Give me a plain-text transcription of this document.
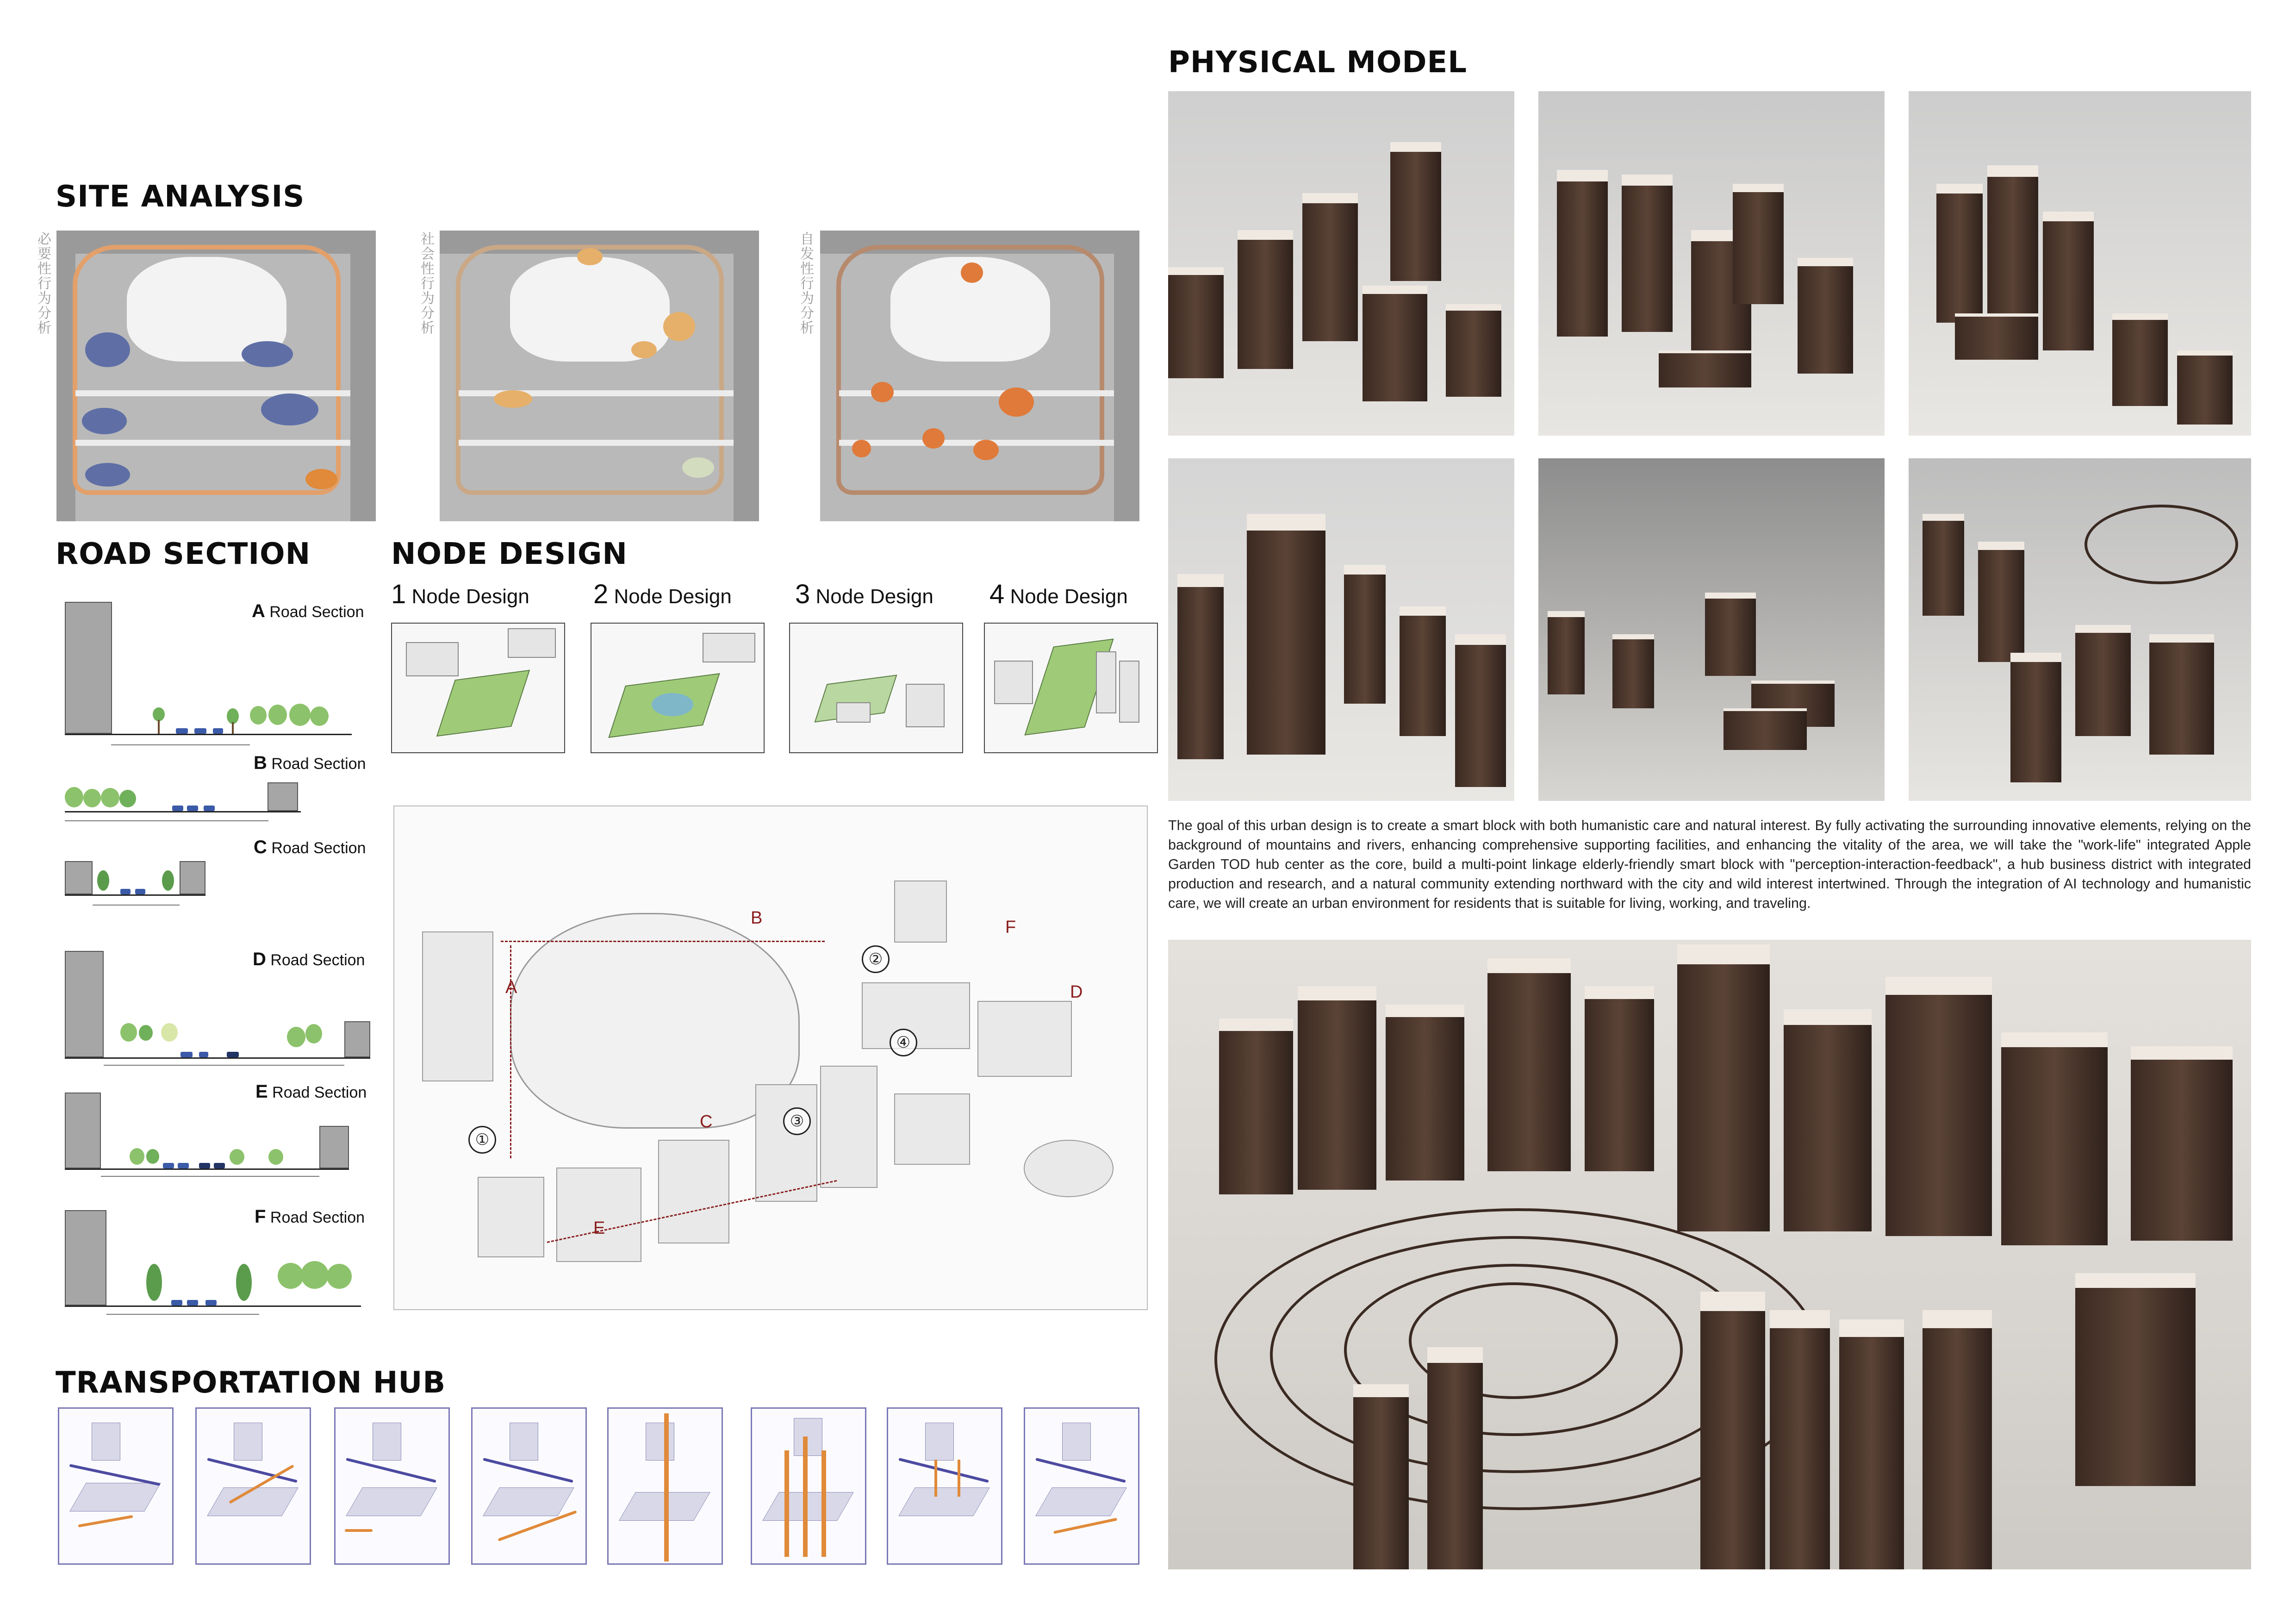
SITE ANALYSIS
必要性行为分析	社会性行为分析	自发性行为分析
ROAD SECTION
A Road Section
B Road Section
C Road Section
D Road Section
E Road Section
F Road Section
NODE DESIGN
1 Node Design 2 Node Design 3 Node Design 4 Node Design
A
B
C
D
E
F
①
②
③
④
TRANSPORTATION HUB
PHYSICAL MODEL
The goal of this urban design is to create a smart block with both humanistic care and natural interest. By fully activating the surrounding innovative elements, relying on the background of mountains and rivers, enhancing comprehensive supporting facilities, and enhancing the vitality of the area, we will take the "work-life" integrated Apple Garden TOD hub center as the core, build a multi-point linkage elderly-friendly smart block with "perception-interaction-feedback", a hub business district with integrated production and research, and a natural community extending northward with the city and wild interest intertwined. Through the integration of AI technology and humanistic care, we will create an urban environment for residents that is suitable for living, working, and traveling.
